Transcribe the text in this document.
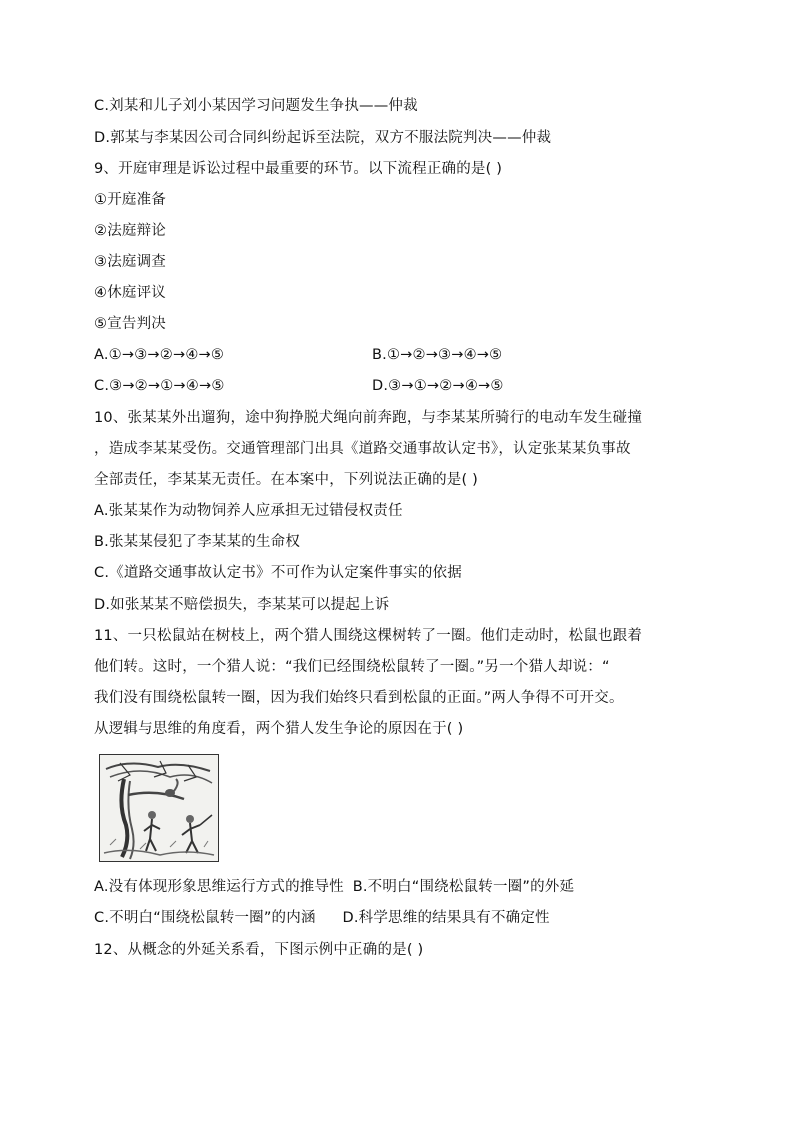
C.刘某和儿子刘小某因学习问题发生争执——仲裁
D.郭某与李某因公司合同纠纷起诉至法院，双方不服法院判决——仲裁
9、开庭审理是诉讼过程中最重要的环节。以下流程正确的是( )
①开庭准备
②法庭辩论
③法庭调查
④休庭评议
⑤宣告判决
A.①→③→②→④→⑤	B.①→②→③→④→⑤
C.③→②→①→④→⑤	D.③→①→②→④→⑤
10、张某某外出遛狗，途中狗挣脱犬绳向前奔跑，与李某某所骑行的电动车发生碰撞
，造成李某某受伤。交通管理部门出具《道路交通事故认定书》，认定张某某负事故
全部责任，李某某无责任。在本案中，下列说法正确的是( )
A.张某某作为动物饲养人应承担无过错侵权责任
B.张某某侵犯了李某某的生命权
C.《道路交通事故认定书》不可作为认定案件事实的依据
D.如张某某不赔偿损失，李某某可以提起上诉
11、一只松鼠站在树枝上，两个猎人围绕这棵树转了一圈。他们走动时，松鼠也跟着
他们转。这时，一个猎人说：“我们已经围绕松鼠转了一圈。”另一个猎人却说：“
我们没有围绕松鼠转一圈，因为我们始终只看到松鼠的正面。”两人争得不可开交。
从逻辑与思维的角度看，两个猎人发生争论的原因在于( )
A.没有体现形象思维运行方式的推导性 B.不明白“围绕松鼠转一圈”的外延
C.不明白“围绕松鼠转一圈”的内涵 D.科学思维的结果具有不确定性
12、从概念的外延关系看，下图示例中正确的是( )
